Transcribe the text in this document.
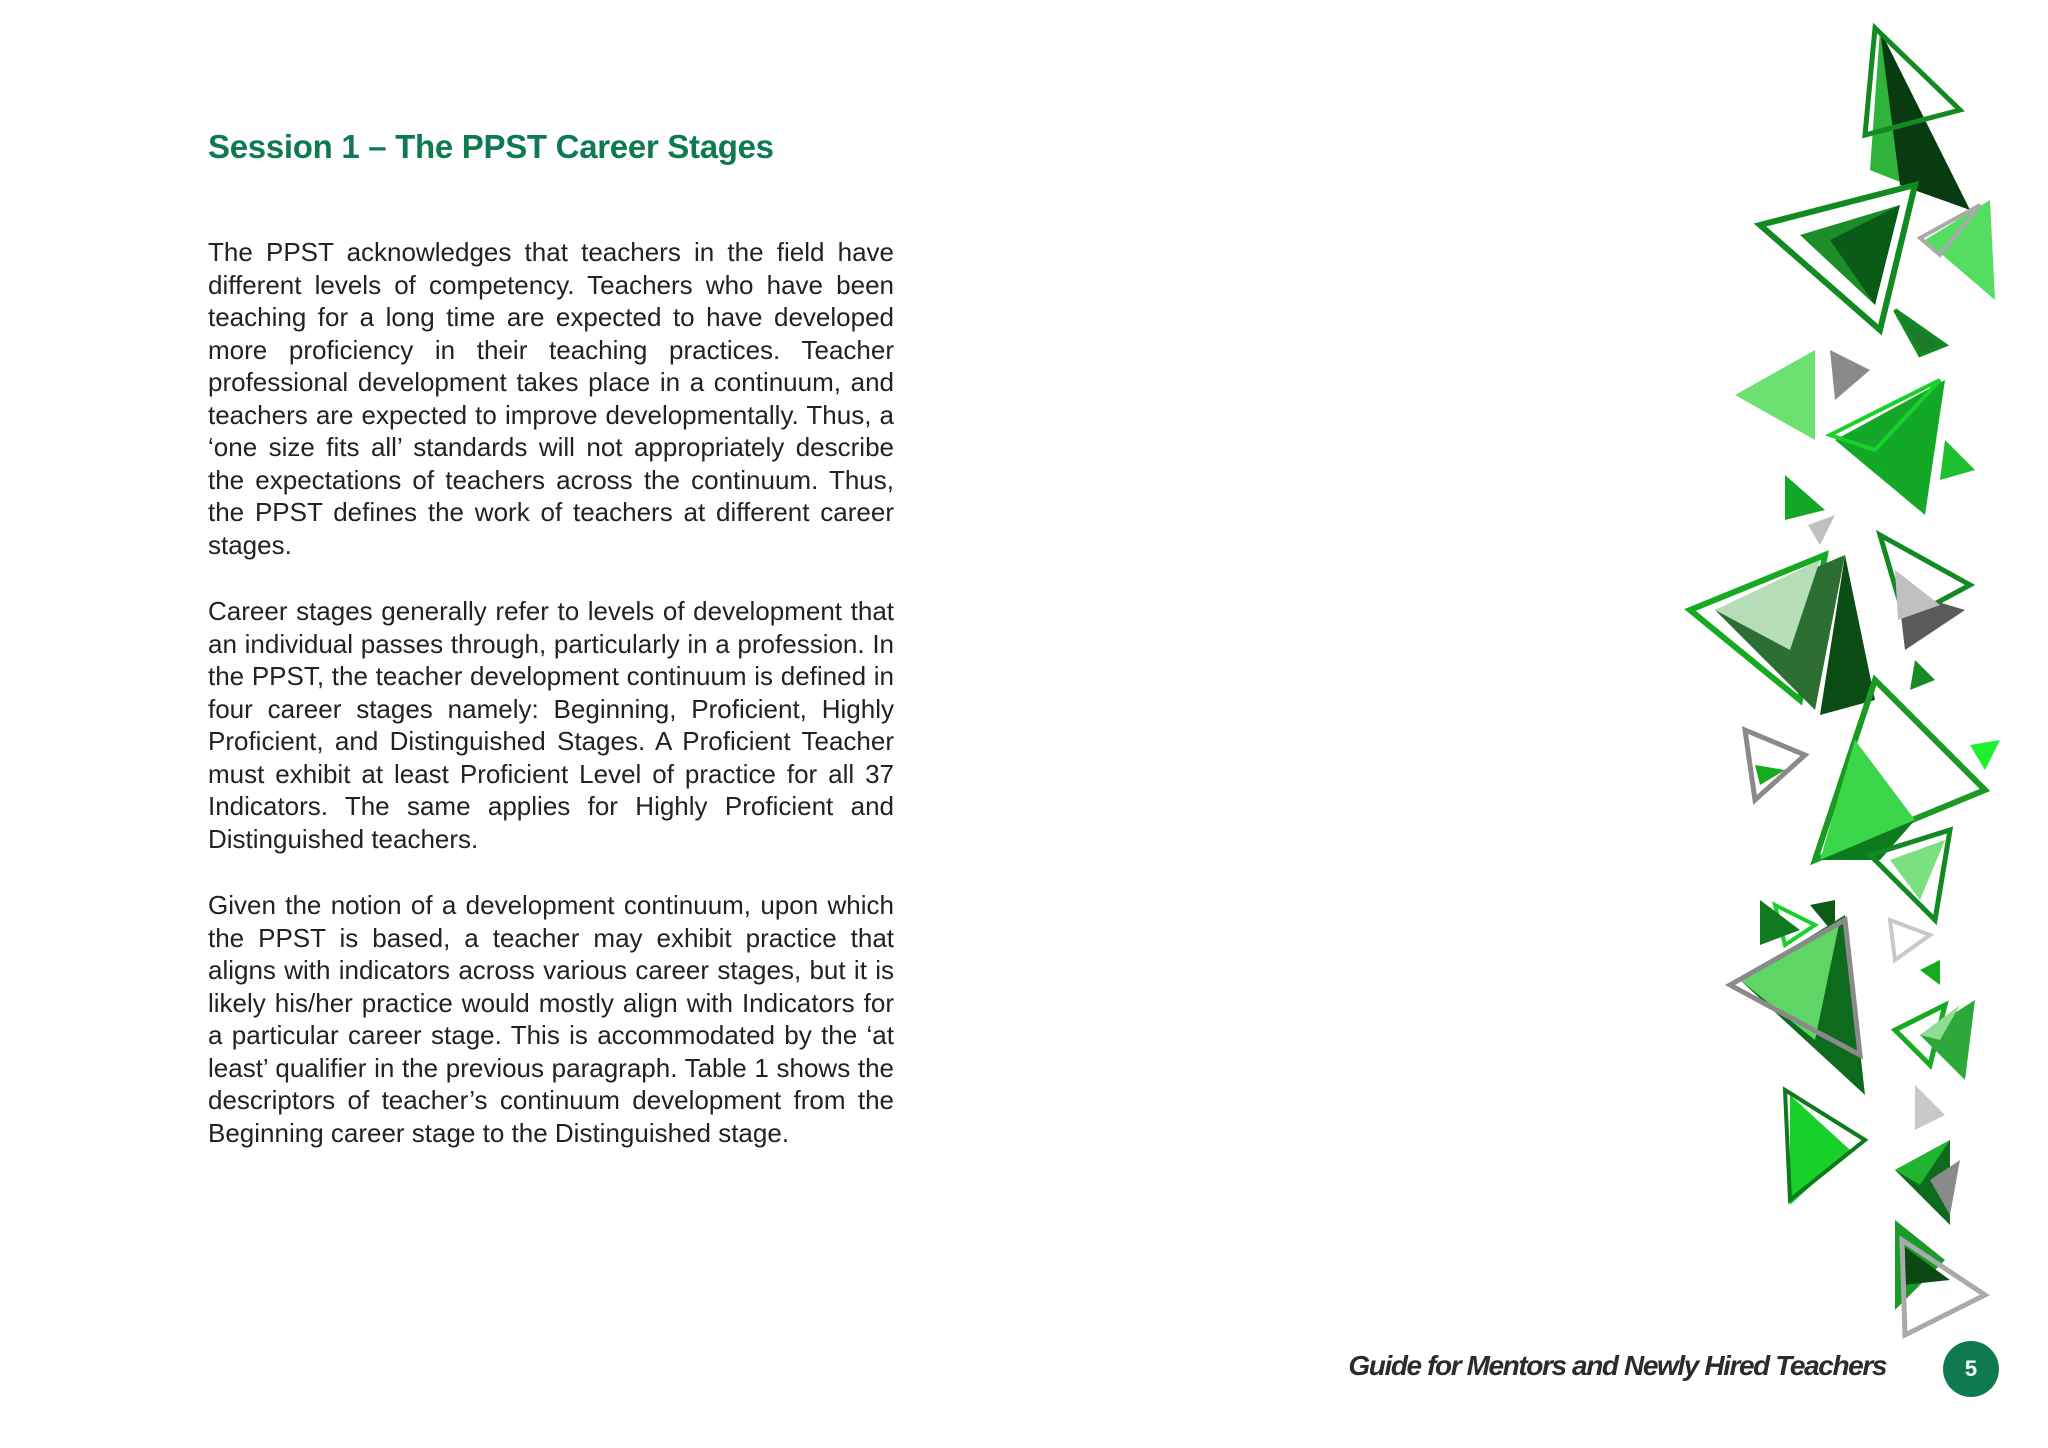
Session 1 – The PPST Career Stages

The PPST acknowledges that teachers in the field have different levels of competency. Teachers who have been teaching for a long time are expected to have developed more proficiency in their teaching practices. Teacher professional development takes place in a continuum, and teachers are expected to improve developmentally. Thus, a ‘one size fits all’ standards will not appropriately describe the expectations of teachers across the continuum. Thus, the PPST defines the work of teachers at different career stages.

Career stages generally refer to levels of development that an individual passes through, particularly in a profession. In the PPST, the teacher development continuum is defined in four career stages namely: Beginning, Proficient, Highly Proficient, and Distinguished Stages. A Proficient Teacher must exhibit at least Proficient Level of practice for all 37 Indicators. The same applies for Highly Proficient and Distinguished teachers.

Given the notion of a development continuum, upon which the PPST is based, a teacher may exhibit practice that aligns with indicators across various career stages, but it is likely his/her practice would mostly align with Indicators for a particular career stage. This is accommodated by the ‘at least’ qualifier in the previous paragraph. Table 1 shows the descriptors of teacher’s continuum development from the Beginning career stage to the Distinguished stage.

Guide for Mentors and Newly Hired Teachers	5
